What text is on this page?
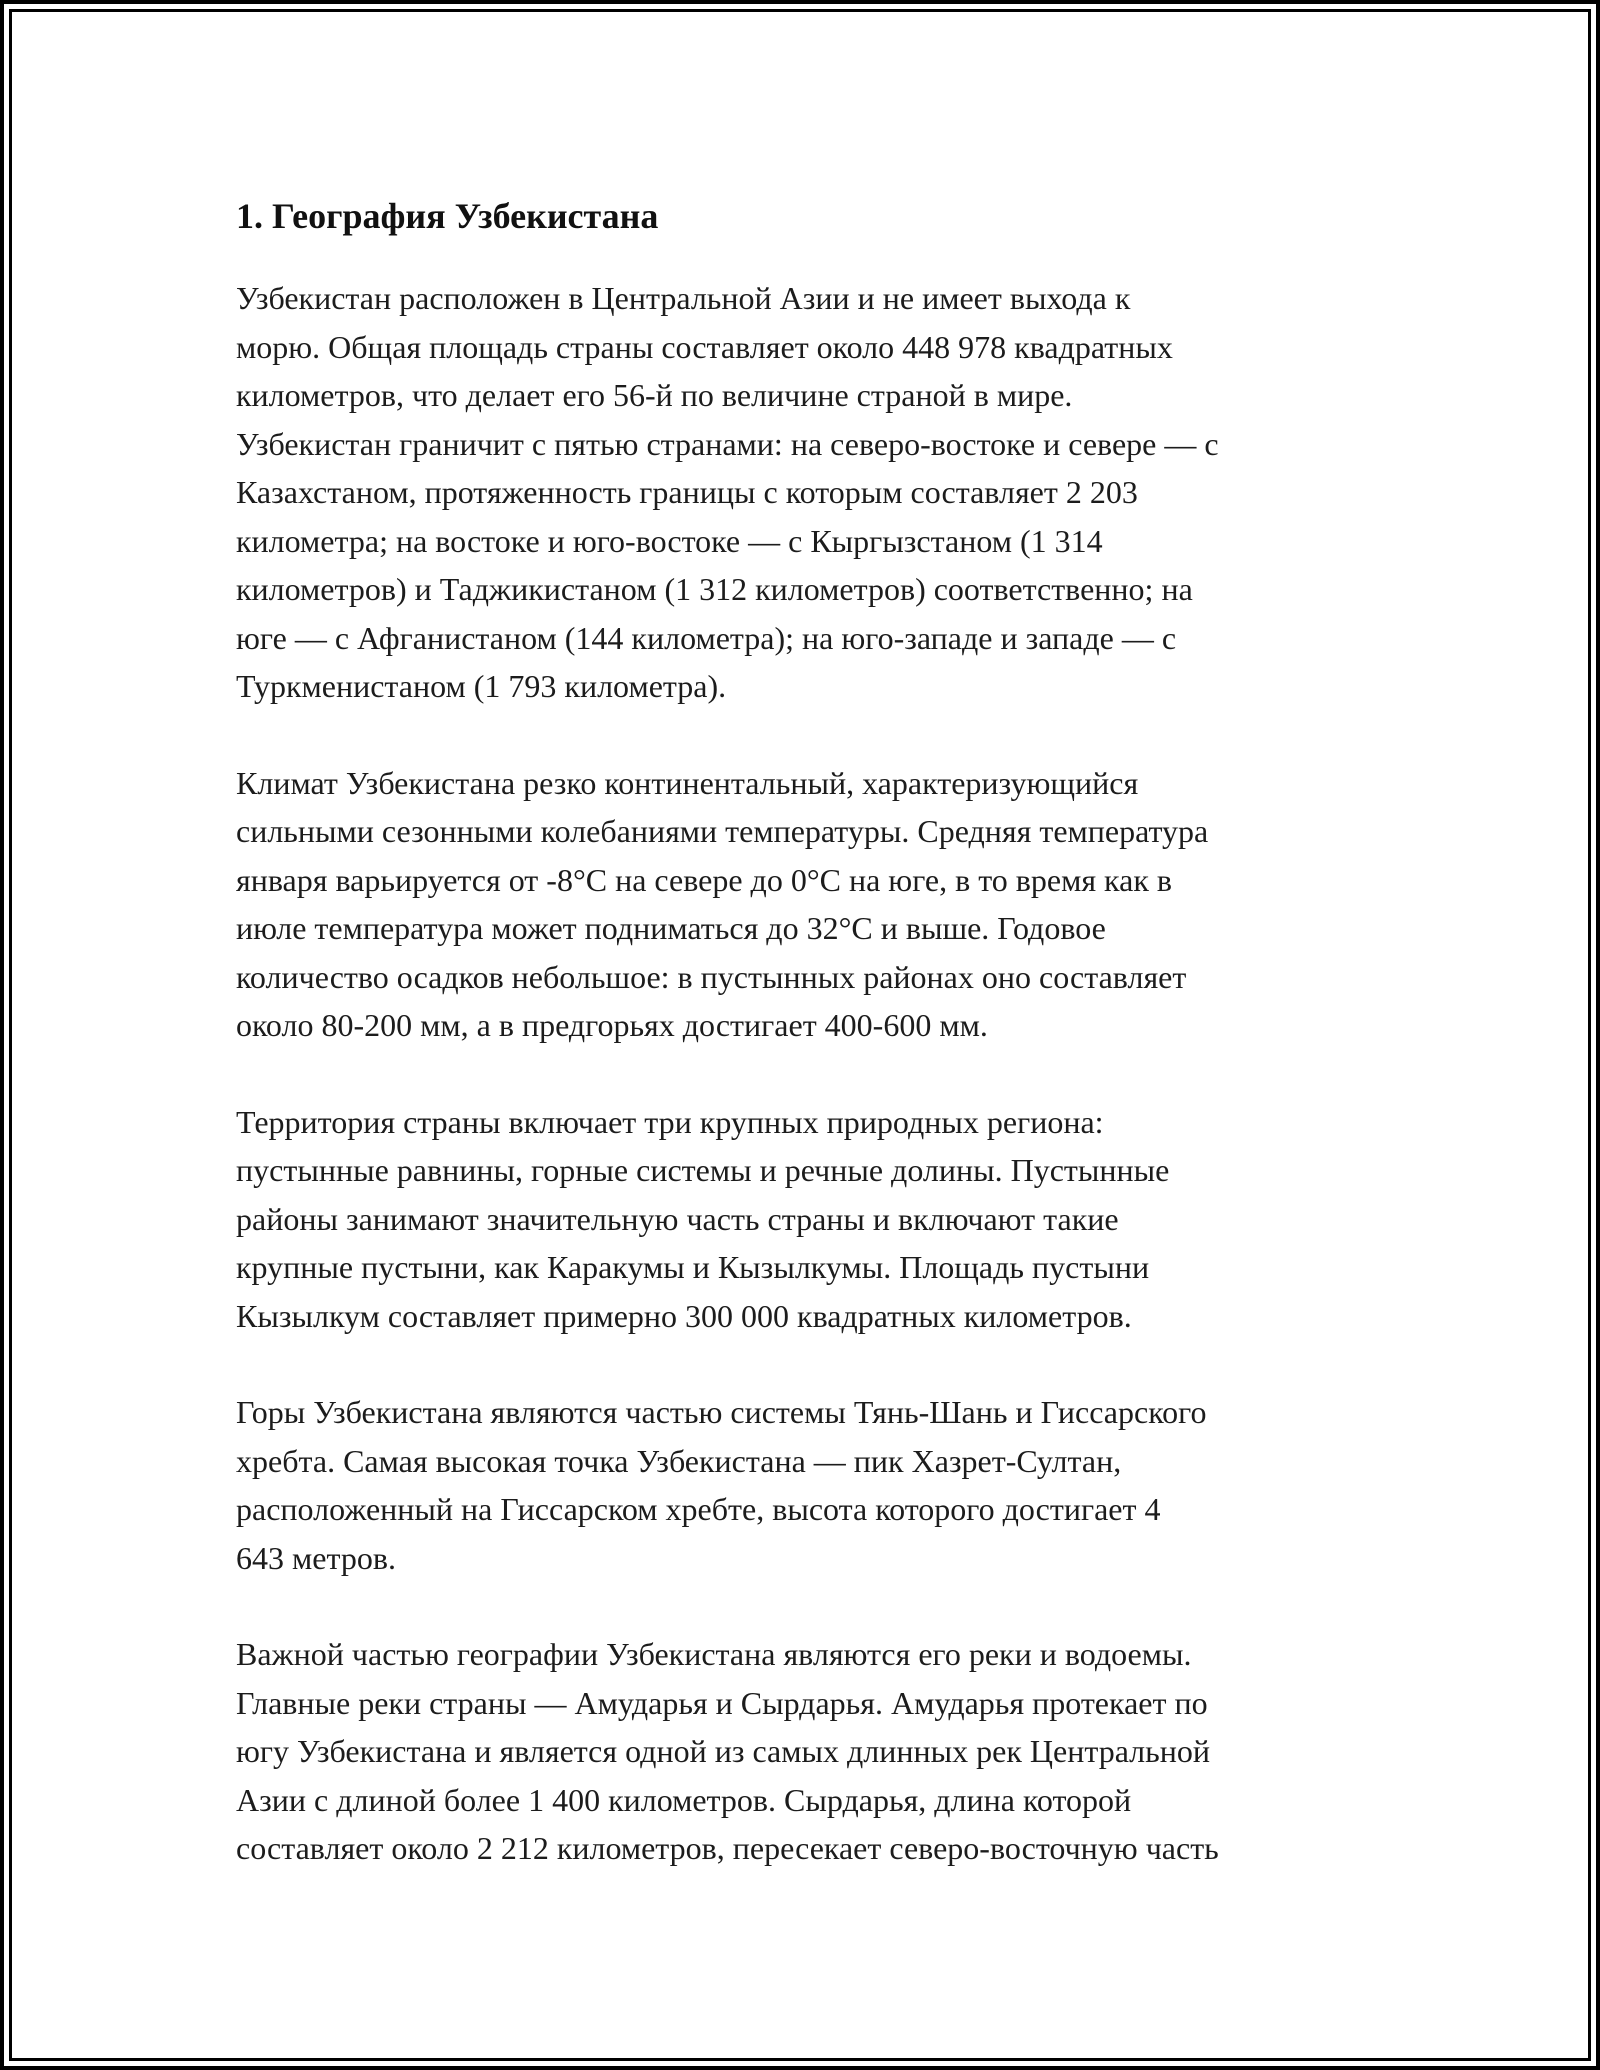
1. География Узбекистана

Узбекистан расположен в Центральной Азии и не имеет выхода к
морю. Общая площадь страны составляет около 448 978 квадратных
километров, что делает его 56-й по величине страной в мире.
Узбекистан граничит с пятью странами: на северо-востоке и севере — с
Казахстаном, протяженность границы с которым составляет 2 203
километра; на востоке и юго-востоке — с Кыргызстаном (1 314
километров) и Таджикистаном (1 312 километров) соответственно; на
юге — с Афганистаном (144 километра); на юго-западе и западе — с
Туркменистаном (1 793 километра).

Климат Узбекистана резко континентальный, характеризующийся
сильными сезонными колебаниями температуры. Средняя температура
января варьируется от -8°C на севере до 0°C на юге, в то время как в
июле температура может подниматься до 32°C и выше. Годовое
количество осадков небольшое: в пустынных районах оно составляет
около 80-200 мм, а в предгорьях достигает 400-600 мм.

Территория страны включает три крупных природных региона:
пустынные равнины, горные системы и речные долины. Пустынные
районы занимают значительную часть страны и включают такие
крупные пустыни, как Каракумы и Кызылкумы. Площадь пустыни
Кызылкум составляет примерно 300 000 квадратных километров.

Горы Узбекистана являются частью системы Тянь-Шань и Гиссарского
хребта. Самая высокая точка Узбекистана — пик Хазрет-Султан,
расположенный на Гиссарском хребте, высота которого достигает 4
643 метров.

Важной частью географии Узбекистана являются его реки и водоемы.
Главные реки страны — Амударья и Сырдарья. Амударья протекает по
югу Узбекистана и является одной из самых длинных рек Центральной
Азии с длиной более 1 400 километров. Сырдарья, длина которой
составляет около 2 212 километров, пересекает северо-восточную часть
